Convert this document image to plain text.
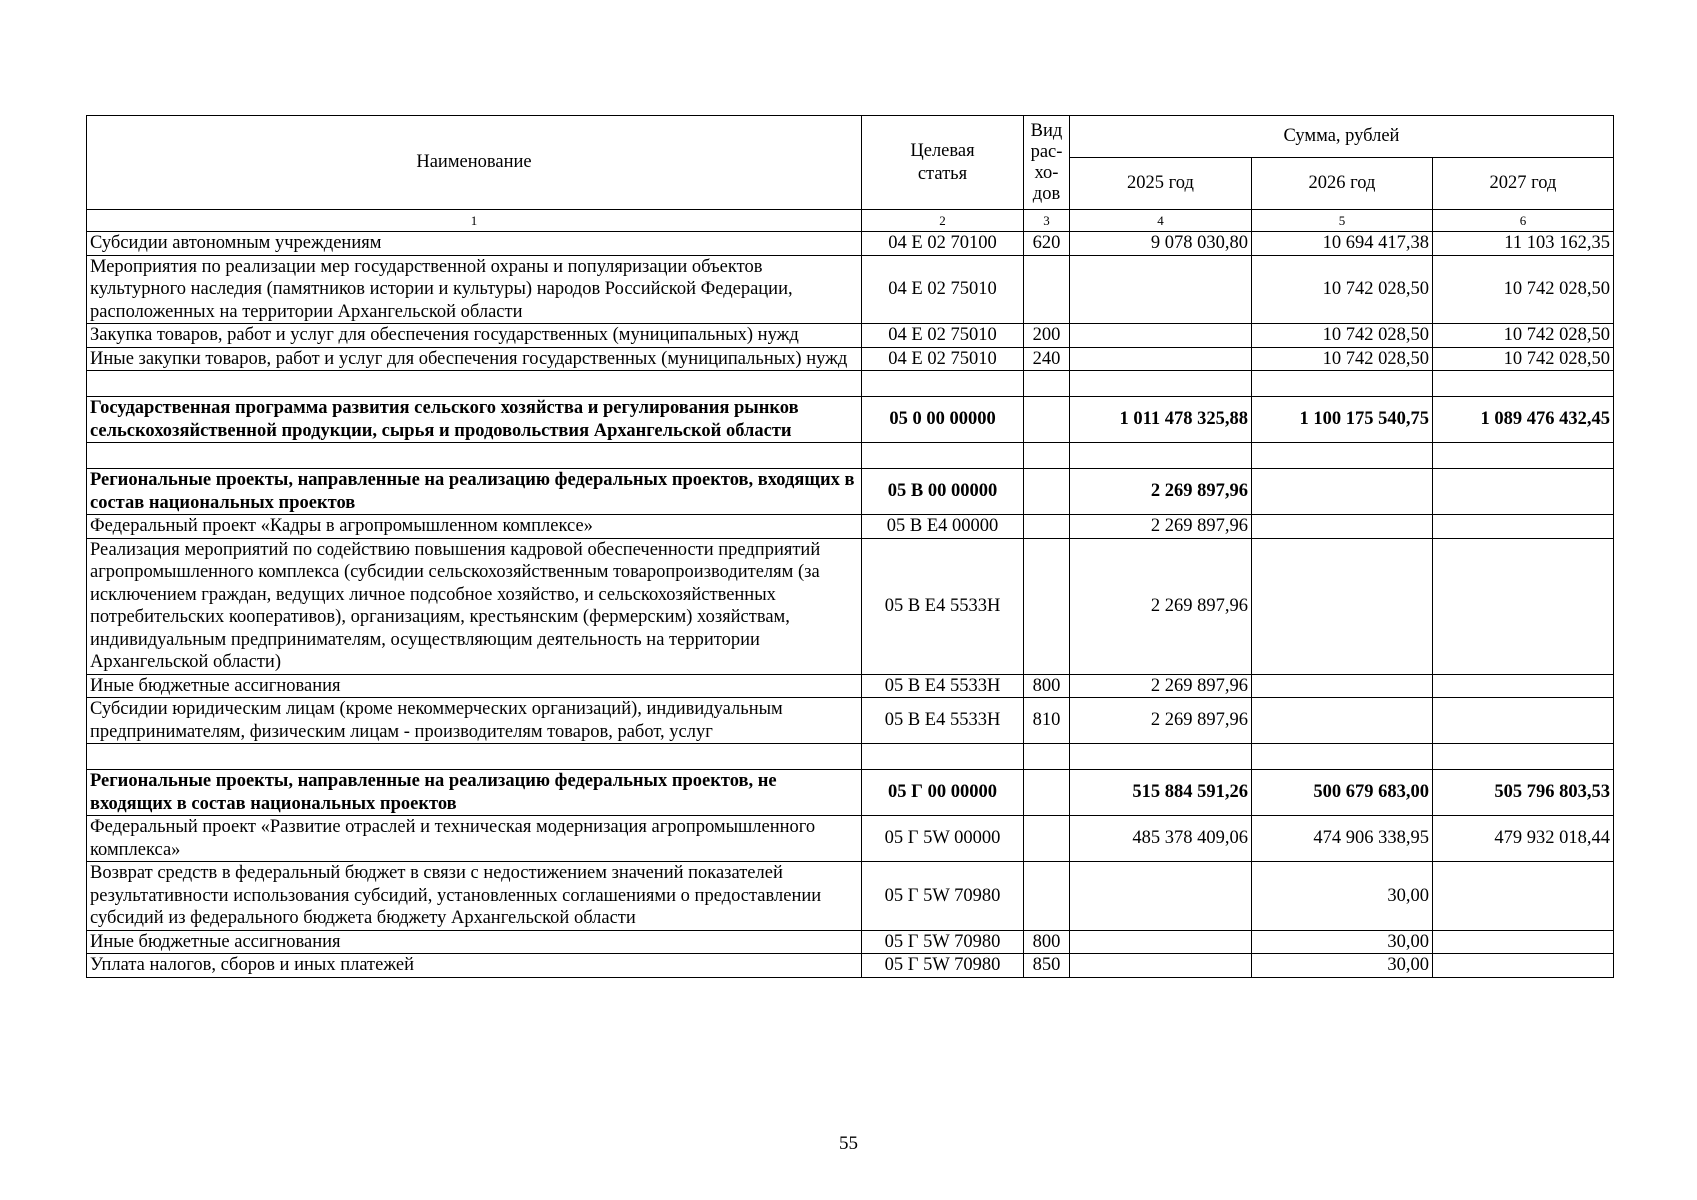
Наименование	Целевая статья	Вид рас-хо-дов	Сумма, рублей		
			2025 год	2026 год	2027 год
1	2	3	4	5	6
Субсидии автономным учреждениям	04 Е 02 70100	620	9 078 030,80	10 694 417,38	11 103 162,35
Мероприятия по реализации мер государственной охраны и популяризации объектов культурного наследия (памятников истории и культуры) народов Российской Федерации, расположенных на территории Архангельской области	04 Е 02 75010			10 742 028,50	10 742 028,50
Закупка товаров, работ и услуг для обеспечения государственных (муниципальных) нужд	04 Е 02 75010	200		10 742 028,50	10 742 028,50
Иные закупки товаров, работ и услуг для обеспечения государственных (муниципальных) нужд	04 Е 02 75010	240		10 742 028,50	10 742 028,50

Государственная программа развития сельского хозяйства и регулирования рынков сельскохозяйственной продукции, сырья и продовольствия Архангельской области	05 0 00 00000		1 011 478 325,88	1 100 175 540,75	1 089 476 432,45

Региональные проекты, направленные на реализацию федеральных проектов, входящих в состав национальных проектов	05 В 00 00000		2 269 897,96		
Федеральный проект «Кадры в агропромышленном комплексе»	05 В Е4 00000		2 269 897,96		
Реализация мероприятий по содействию повышения кадровой обеспеченности предприятий агропромышленного комплекса (субсидии сельскохозяйственным товаропроизводителям (за исключением граждан, ведущих личное подсобное хозяйство, и сельскохозяйственных потребительских кооперативов), организациям, крестьянским (фермерским) хозяйствам, индивидуальным предпринимателям, осуществляющим деятельность на территории Архангельской области)	05 В Е4 5533Н		2 269 897,96		
Иные бюджетные ассигнования	05 В Е4 5533Н	800	2 269 897,96		
Субсидии юридическим лицам (кроме некоммерческих организаций), индивидуальным предпринимателям, физическим лицам - производителям товаров, работ, услуг	05 В Е4 5533Н	810	2 269 897,96		

Региональные проекты, направленные на реализацию федеральных проектов, не входящих в состав национальных проектов	05 Г 00 00000		515 884 591,26	500 679 683,00	505 796 803,53
Федеральный проект «Развитие отраслей и техническая модернизация агропромышленного комплекса»	05 Г 5W 00000		485 378 409,06	474 906 338,95	479 932 018,44
Возврат средств в федеральный бюджет в связи с недостижением значений показателей результативности использования субсидий, установленных соглашениями о предоставлении субсидий из федерального бюджета бюджету Архангельской области	05 Г 5W 70980			30,00	
Иные бюджетные ассигнования	05 Г 5W 70980	800		30,00	
Уплата налогов, сборов и иных платежей	05 Г 5W 70980	850		30,00	
55
